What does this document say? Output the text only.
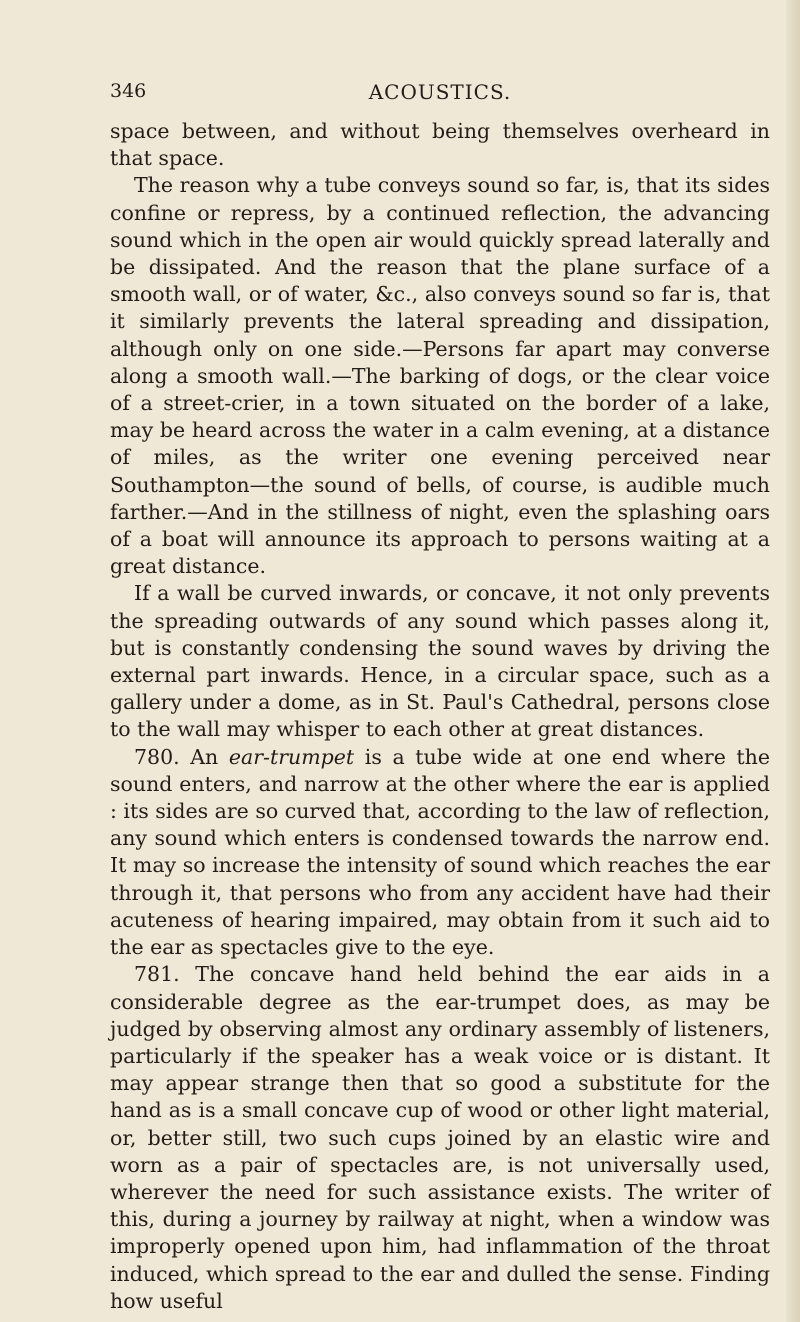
346	ACOUSTICS.

space between, and without being themselves overheard in that space.

The reason why a tube conveys sound so far, is, that its sides confine or repress, by a continued reflection, the advancing sound which in the open air would quickly spread laterally and be dissipated. And the reason that the plane surface of a smooth wall, or of water, &c., also conveys sound so far is, that it similarly prevents the lateral spreading and dissipation, although only on one side.—Persons far apart may converse along a smooth wall.—The barking of dogs, or the clear voice of a street-crier, in a town situated on the border of a lake, may be heard across the water in a calm evening, at a distance of miles, as the writer one evening perceived near Southampton—the sound of bells, of course, is audible much farther.—And in the stillness of night, even the splashing oars of a boat will announce its approach to persons waiting at a great distance.

If a wall be curved inwards, or concave, it not only prevents the spreading outwards of any sound which passes along it, but is constantly condensing the sound waves by driving the external part inwards. Hence, in a circular space, such as a gallery under a dome, as in St. Paul's Cathedral, persons close to the wall may whisper to each other at great distances.

780. An ear-trumpet is a tube wide at one end where the sound enters, and narrow at the other where the ear is applied : its sides are so curved that, according to the law of reflection, any sound which enters is condensed towards the narrow end. It may so increase the intensity of sound which reaches the ear through it, that persons who from any accident have had their acuteness of hearing impaired, may obtain from it such aid to the ear as spectacles give to the eye.

781. The concave hand held behind the ear aids in a considerable degree as the ear-trumpet does, as may be judged by observing almost any ordinary assembly of listeners, particularly if the speaker has a weak voice or is distant. It may appear strange then that so good a substitute for the hand as is a small concave cup of wood or other light material, or, better still, two such cups joined by an elastic wire and worn as a pair of spectacles are, is not universally used, wherever the need for such assistance exists. The writer of this, during a journey by railway at night, when a window was improperly opened upon him, had inflammation of the throat induced, which spread to the ear and dulled the sense. Finding how useful
